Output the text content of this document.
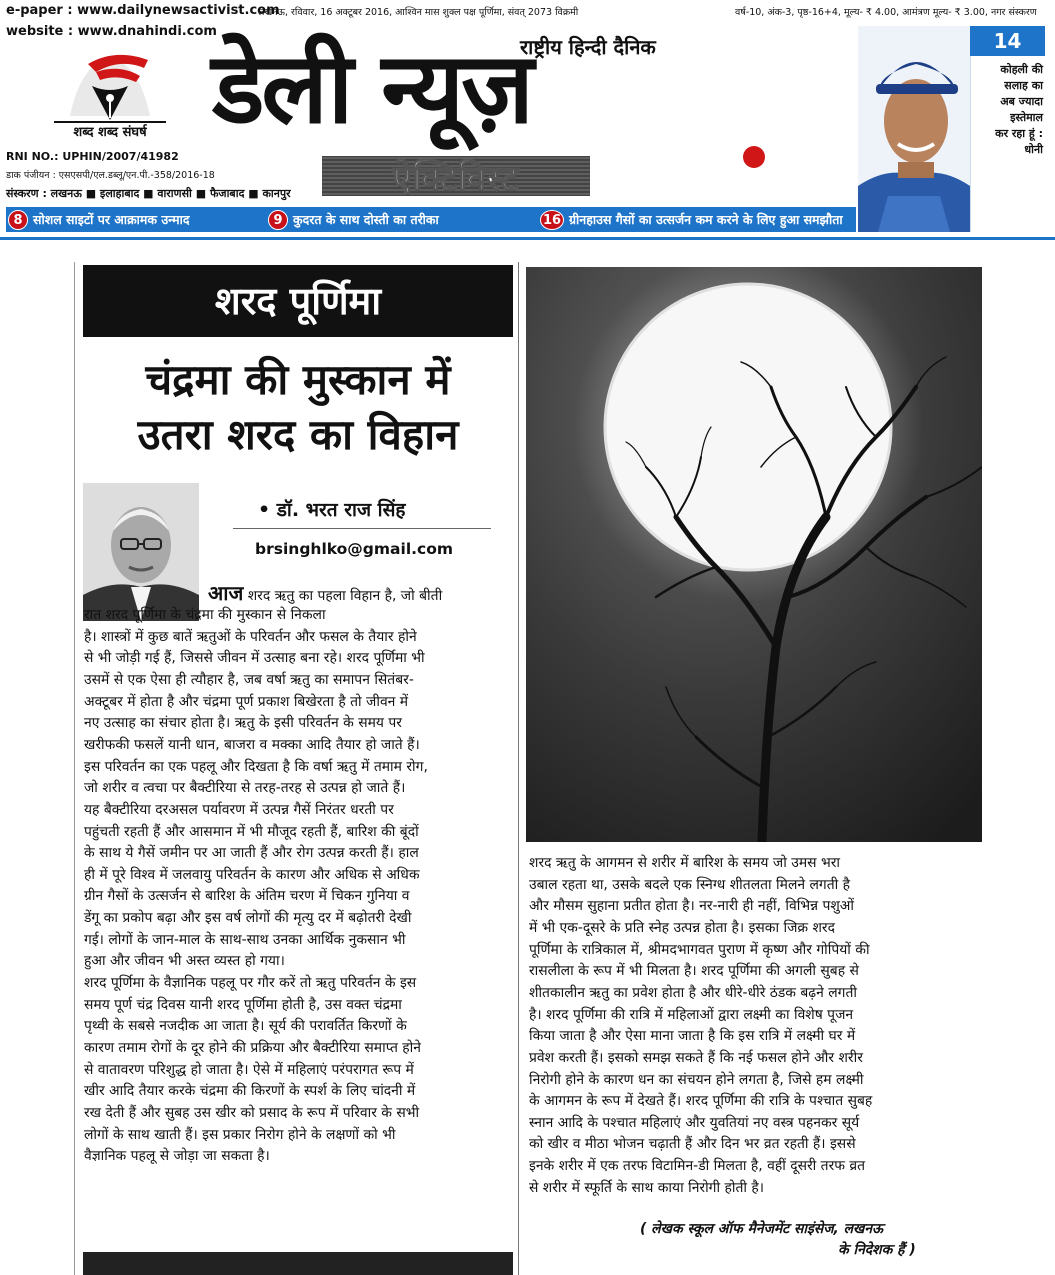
e-paper : www.dailynewsactivist.com
website : www.dnahindi.com
लखनऊ, रविवार, 16 अक्टूबर 2016, आश्विन मास शुक्ल पक्ष पूर्णिमा, संवत् 2073 विक्रमी	वर्ष-10, अंक-3, पृष्ठ-16+4, मूल्य- ₹ 4.00, आमंत्रण मूल्य- ₹ 3.00, नगर संस्करण
शब्द शब्द संघर्ष
RNI NO.: UPHIN/2007/41982
डाक पंजीयन : एसएसपी/एल.डब्लू/एन.पी.-358/2016-18
संस्करण : लखनऊ ■ इलाहाबाद ■ वाराणसी ■ फैजाबाद ■ कानपुर
राष्ट्रीय हिन्दी दैनिक
डेली न्यूज़
ऐक्टिविस्ट
14
कोहली की
सलाह का
अब ज्यादा
इस्तेमाल
कर रहा हूं :
धोनी
8 सोशल साइटों पर आक्रामक उन्माद	9 कुदरत के साथ दोस्ती का तरीका	16 ग्रीनहाउस गैसों का उत्सर्जन कम करने के लिए हुआ समझौता
शरद पूर्णिमा
चंद्रमा की मुस्कान में
उतरा शरद का विहान
• डॉ. भरत राज सिंह
brsinghlko@gmail.com
आज शरद ऋतु का पहला विहान है, जो बीती
रात शरद पूर्णिमा के चंद्रमा की मुस्कान से निकला
है। शास्त्रों में कुछ बातें ऋतुओं के परिवर्तन और फसल के तैयार होने
से भी जोड़ी गई हैं, जिससे जीवन में उत्साह बना रहे। शरद पूर्णिमा भी
उसमें से एक ऐसा ही त्यौहार है, जब वर्षा ऋतु का समापन सितंबर-
अक्टूबर में होता है और चंद्रमा पूर्ण प्रकाश बिखेरता है तो जीवन में
नए उत्साह का संचार होता है। ऋतु के इसी परिवर्तन के समय पर
खरीफकी फसलें यानी धान, बाजरा व मक्का आदि तैयार हो जाते हैं।
इस परिवर्तन का एक पहलू और दिखता है कि वर्षा ऋतु में तमाम रोग,
जो शरीर व त्वचा पर बैक्टीरिया से तरह-तरह से उत्पन्न हो जाते हैं।
यह बैक्टीरिया दरअसल पर्यावरण में उत्पन्न गैसें निरंतर धरती पर
पहुंचती रहती हैं और आसमान में भी मौजूद रहती हैं, बारिश की बूंदों
के साथ ये गैसें जमीन पर आ जाती हैं और रोग उत्पन्न करती हैं। हाल
ही में पूरे विश्व में जलवायु परिवर्तन के कारण और अधिक से अधिक
ग्रीन गैसों के उत्सर्जन से बारिश के अंतिम चरण में चिकन गुनिया व
डेंगू का प्रकोप बढ़ा और इस वर्ष लोगों की मृत्यु दर में बढ़ोतरी देखी
गई। लोगों के जान-माल के साथ-साथ उनका आर्थिक नुकसान भी
हुआ और जीवन भी अस्त व्यस्त हो गया।
शरद पूर्णिमा के वैज्ञानिक पहलू पर गौर करें तो ऋतु परिवर्तन के इस
समय पूर्ण चंद्र दिवस यानी शरद पूर्णिमा होती है, उस वक्त चंद्रमा
पृथ्वी के सबसे नजदीक आ जाता है। सूर्य की परावर्तित किरणों के
कारण तमाम रोगों के दूर होने की प्रक्रिया और बैक्टीरिया समाप्त होने
से वातावरण परिशुद्ध हो जाता है। ऐसे में महिलाएं परंपरागत रूप में
खीर आदि तैयार करके चंद्रमा की किरणों के स्पर्श के लिए चांदनी में
रख देती हैं और सुबह उस खीर को प्रसाद के रूप में परिवार के सभी
लोगों के साथ खाती हैं। इस प्रकार निरोग होने के लक्षणों को भी
वैज्ञानिक पहलू से जोड़ा जा सकता है।
शरद ऋतु के आगमन से शरीर में बारिश के समय जो उमस भरा
उबाल रहता था, उसके बदले एक स्निग्ध शीतलता मिलने लगती है
और मौसम सुहाना प्रतीत होता है। नर-नारी ही नहीं, विभिन्न पशुओं
में भी एक-दूसरे के प्रति स्नेह उत्पन्न होता है। इसका जिक्र शरद
पूर्णिमा के रात्रिकाल में, श्रीमदभागवत पुराण में कृष्ण और गोपियों की
रासलीला के रूप में भी मिलता है। शरद पूर्णिमा की अगली सुबह से
शीतकालीन ऋतु का प्रवेश होता है और धीरे-धीरे ठंडक बढ़ने लगती
है। शरद पूर्णिमा की रात्रि में महिलाओं द्वारा लक्ष्मी का विशेष पूजन
किया जाता है और ऐसा माना जाता है कि इस रात्रि में लक्ष्मी घर में
प्रवेश करती हैं। इसको समझ सकते हैं कि नई फसल होने और शरीर
निरोगी होने के कारण धन का संचयन होने लगता है, जिसे हम लक्ष्मी
के आगमन के रूप में देखते हैं। शरद पूर्णिमा की रात्रि के पश्चात सुबह
स्नान आदि के पश्चात महिलाएं और युवतियां नए वस्त्र पहनकर सूर्य
को खीर व मीठा भोजन चढ़ाती हैं और दिन भर व्रत रहती हैं। इससे
इनके शरीर में एक तरफ विटामिन-डी मिलता है, वहीं दूसरी तरफ व्रत
से शरीर में स्फूर्ति के साथ काया निरोगी होती है।
( लेखक स्कूल ऑफ मैनेजमेंट साइंसेज, लखनऊ
के निदेशक हैं )
